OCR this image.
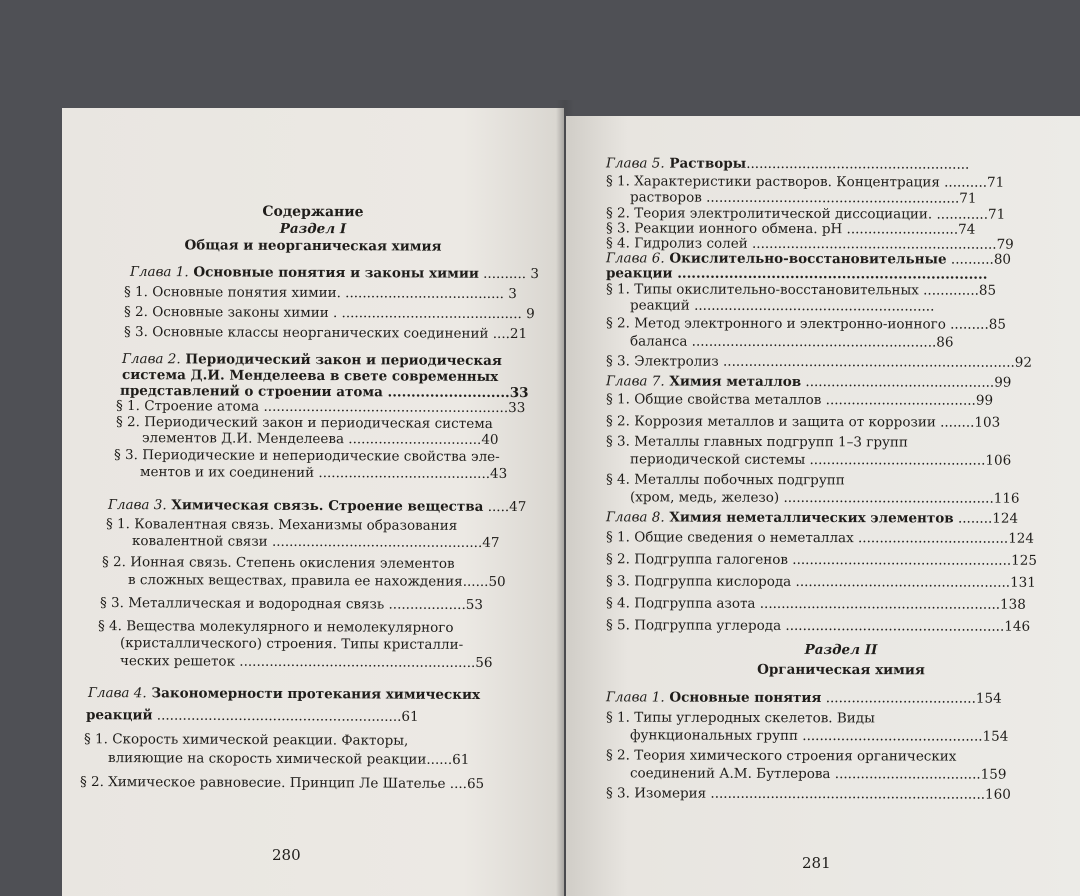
Содержание
Раздел I
Общая и неорганическая химия
Глава 1. Основные понятия и законы химии .......... 3
§ 1. Основные понятия химии. ..................................... 3
§ 2. Основные законы химии . .......................................... 9
§ 3. Основные классы неорганических соединений ....21
Глава 2. Периодический закон и периодическая
система Д.И. Менделеева в свете современных
представлений о строении атома ..........................33
§ 1. Строение атома .........................................................33
§ 2. Периодический закон и периодическая система
элементов Д.И. Менделеева ...............................40
§ 3. Периодические и непериодические свойства эле-
ментов и их соединений ........................................43
Глава 3. Химическая связь. Строение вещества .....47
§ 1. Ковалентная связь. Механизмы образования
ковалентной связи .................................................47
§ 2. Ионная связь. Степень окисления элементов
в сложных веществах, правила ее нахождения......50
§ 3. Металлическая и водородная связь ..................53
§ 4. Вещества молекулярного и немолекулярного
(кристаллического) строения. Типы кристалли-
ческих решеток .......................................................56
Глава 4. Закономерности протекания химических
реакций .........................................................61
§ 1. Скорость химической реакции. Факторы,
влияющие на скорость химической реакции......61
§ 2. Химическое равновесие. Принцип Ле Шателье ....65
280
Глава 5. Растворы....................................................
§ 1. Характеристики растворов. Концентрация ..........71
растворов ...........................................................71
§ 2. Теория электролитической диссоциации. ............71
§ 3. Реакции ионного обмена. pH ..........................74
§ 4. Гидролиз солей .........................................................79
Глава 6. Окислительно-восстановительные ..........80
реакции ..................................................................
§ 1. Типы окислительно-восстановительных .............85
реакций ........................................................
§ 2. Метод электронного и электронно-ионного .........85
баланса .........................................................86
§ 3. Электролиз ....................................................................92
Глава 7. Химия металлов ............................................99
§ 1. Общие свойства металлов ...................................99
§ 2. Коррозия металлов и защита от коррозии ........103
§ 3. Металлы главных подгрупп 1–3 групп
периодической системы .........................................106
§ 4. Металлы побочных подгрупп
(хром, медь, железо) .................................................116
Глава 8. Химия неметаллических элементов ........124
§ 1. Общие сведения о неметаллах ...................................124
§ 2. Подгруппа галогенов ...................................................125
§ 3. Подгруппа кислорода ..................................................131
§ 4. Подгруппа азота ........................................................138
§ 5. Подгруппа углерода ...................................................146
Раздел II
Органическая химия
Глава 1. Основные понятия ...................................154
§ 1. Типы углеродных скелетов. Виды
функциональных групп ..........................................154
§ 2. Теория химического строения органических
соединений А.М. Бутлерова ..................................159
§ 3. Изомерия ................................................................160
281
